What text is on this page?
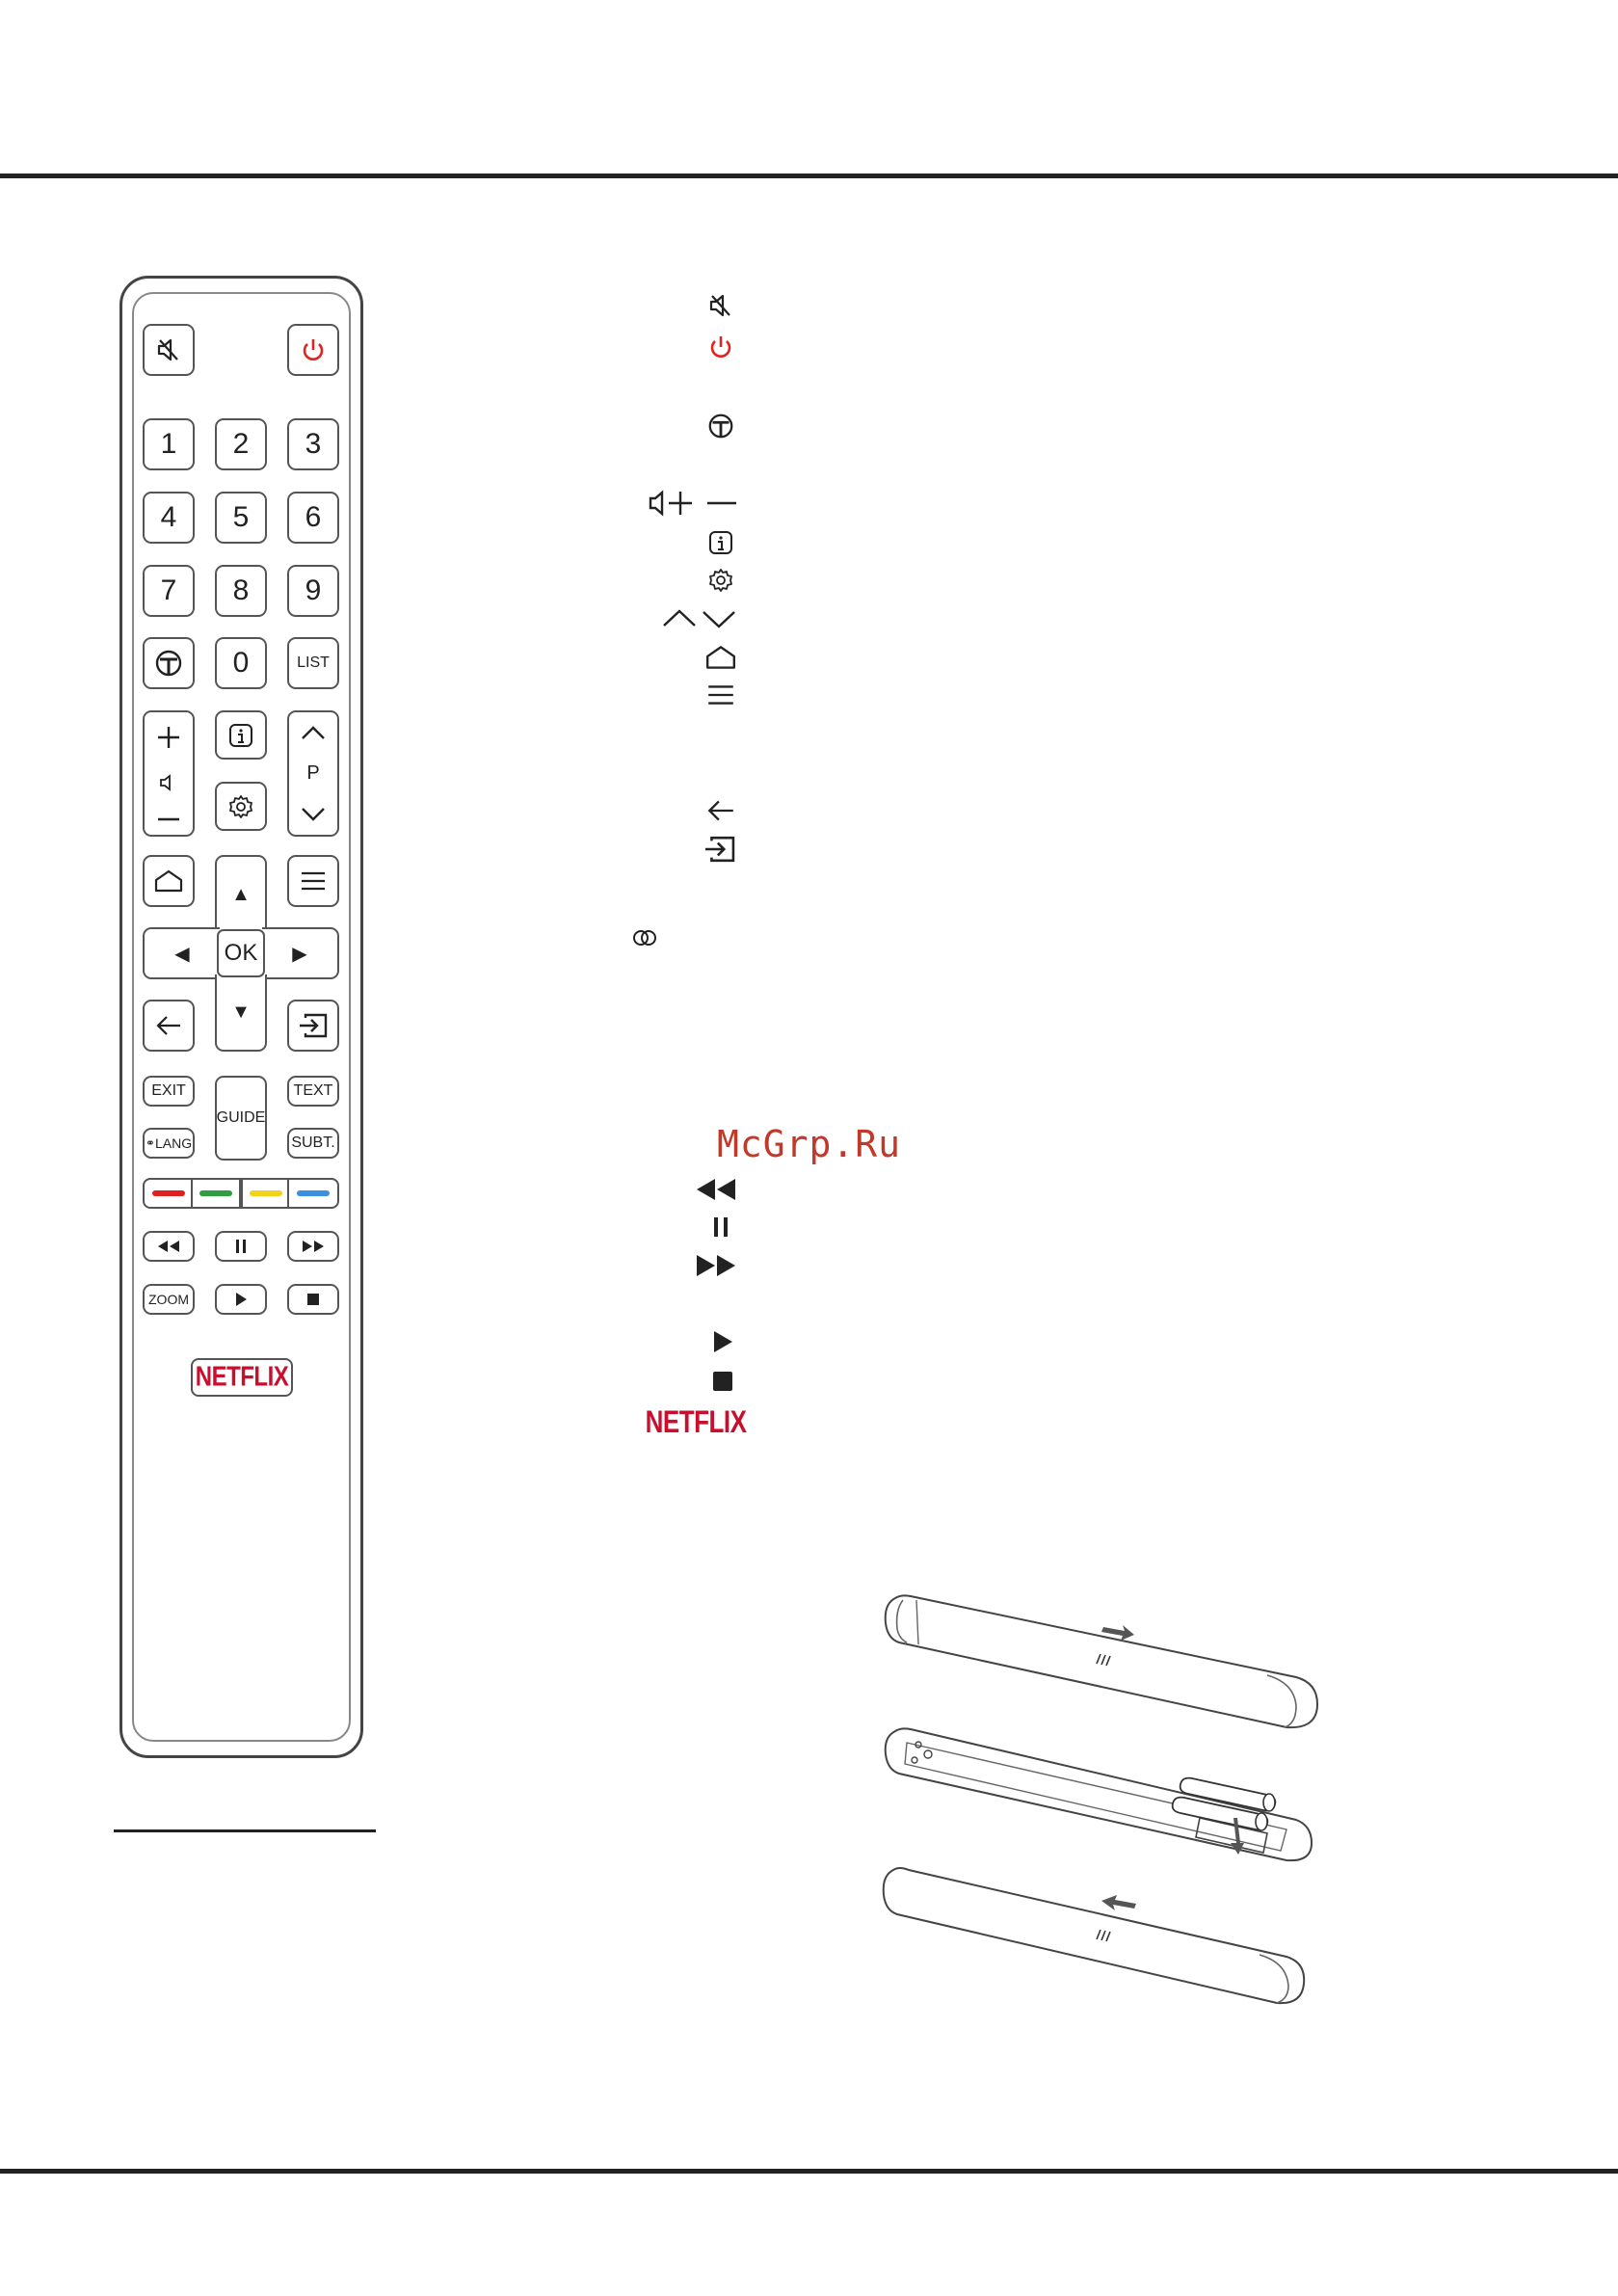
1	2	3
4	5	6
7	8	9
0	LIST
P
▲
◀	▶
▼
OK
EXIT
GUIDE
TEXT
⚭ LANG	SUBT.
ZOOM
NETFLIX
McGrp.Ru
NETFLIX
